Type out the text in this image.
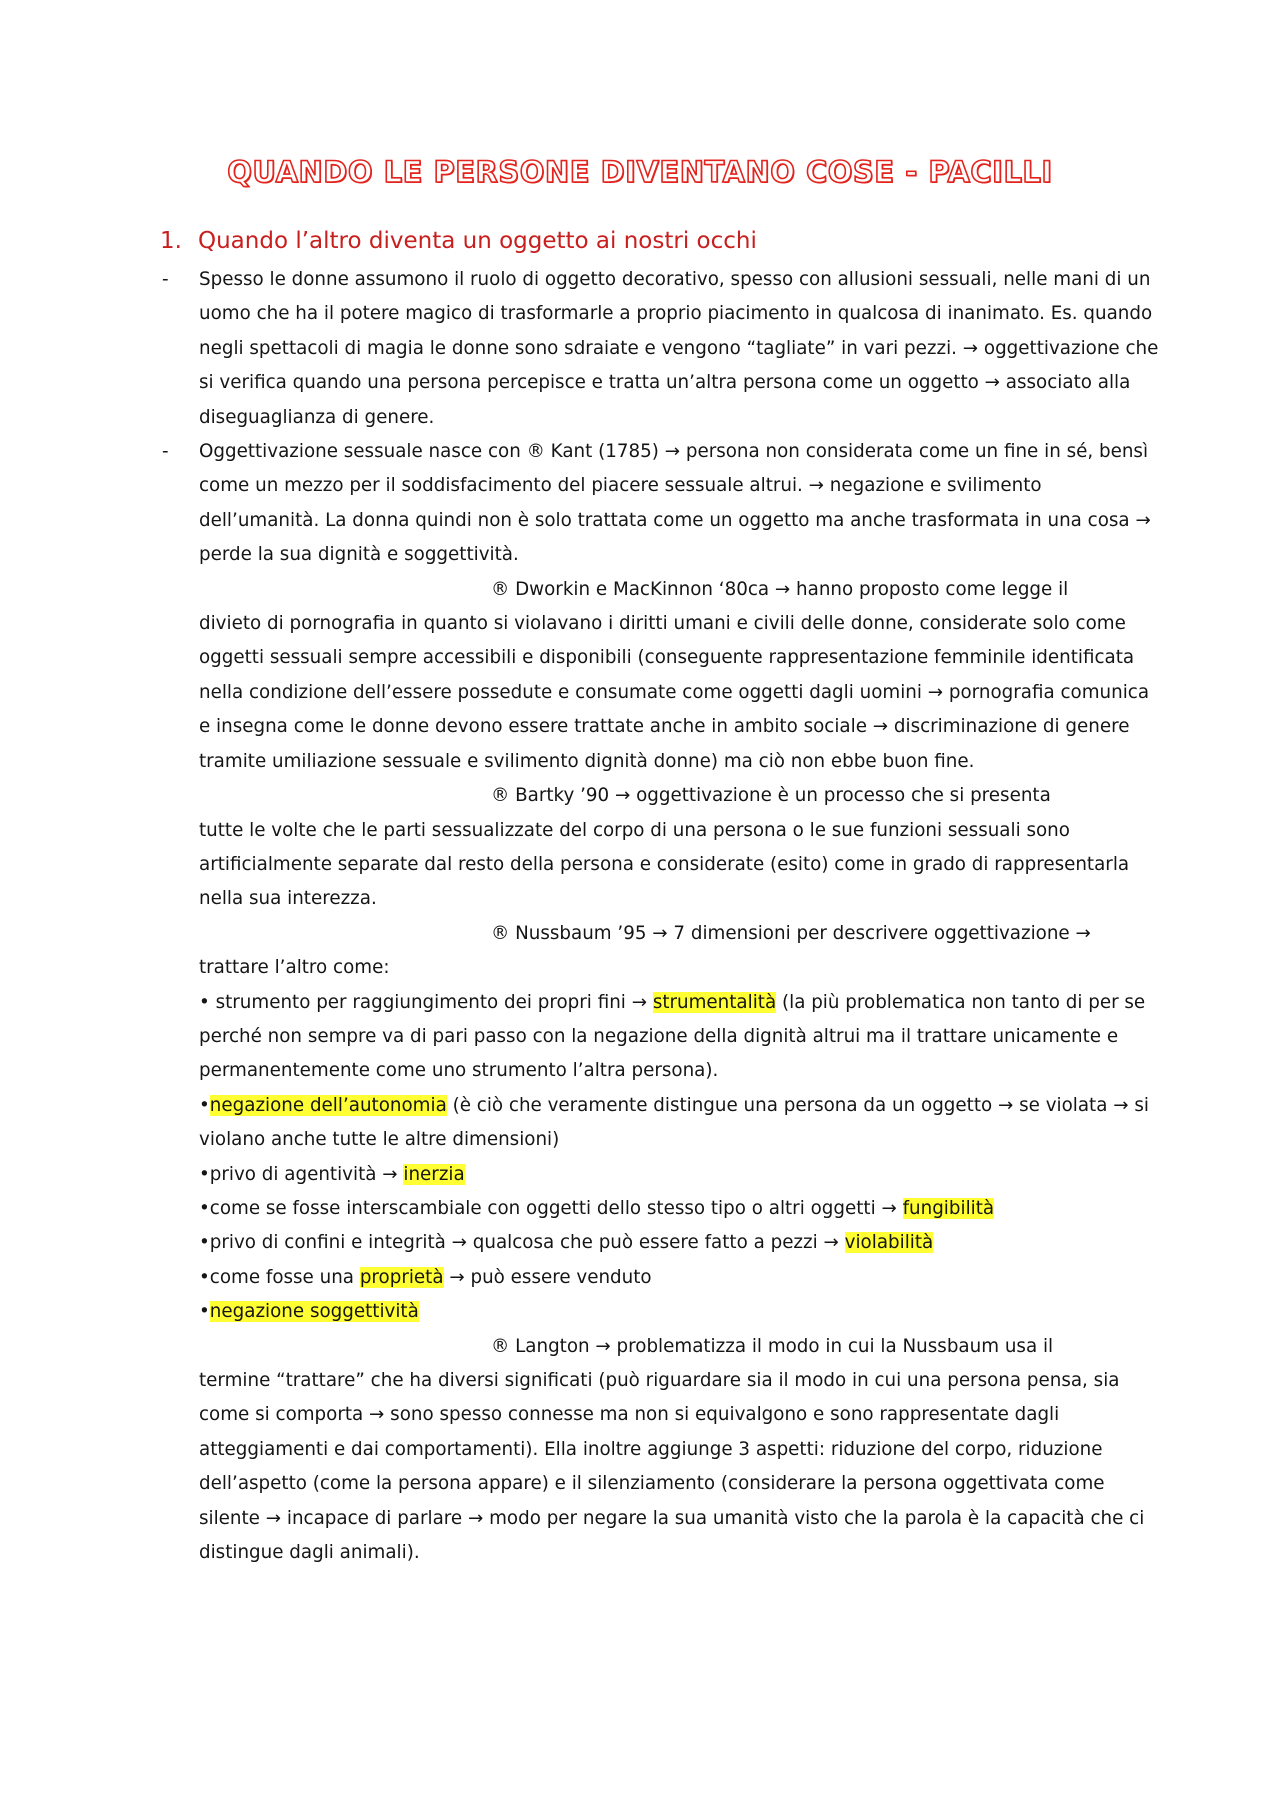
QUANDO LE PERSONE DIVENTANO COSE - PACILLI
1. Quando l’altro diventa un oggetto ai nostri occhi

- Spesso le donne assumono il ruolo di oggetto decorativo, spesso con allusioni sessuali, nelle mani di un uomo che ha il potere magico di trasformarle a proprio piacimento in qualcosa di inanimato. Es. quando negli spettacoli di magia le donne sono sdraiate e vengono “tagliate” in vari pezzi. → oggettivazione che si verifica quando una persona percepisce e tratta un’altra persona come un oggetto → associato alla diseguaglianza di genere.

- Oggettivazione sessuale nasce con ® Kant (1785) → persona non considerata come un fine in sé, bensì come un mezzo per il soddisfacimento del piacere sessuale altrui. → negazione e svilimento dell’umanità. La donna quindi non è solo trattata come un oggetto ma anche trasformata in una cosa → perde la sua dignità e soggettività.

® Dworkin e MacKinnon ‘80ca → hanno proposto come legge il

divieto di pornografia in quanto si violavano i diritti umani e civili delle donne, considerate solo come oggetti sessuali sempre accessibili e disponibili (conseguente rappresentazione femminile identificata nella condizione dell’essere possedute e consumate come oggetti dagli uomini → pornografia comunica e insegna come le donne devono essere trattate anche in ambito sociale → discriminazione di genere tramite umiliazione sessuale e svilimento dignità donne) ma ciò non ebbe buon fine.

® Bartky ’90 → oggettivazione è un processo che si presenta

tutte le volte che le parti sessualizzate del corpo di una persona o le sue funzioni sessuali sono artificialmente separate dal resto della persona e considerate (esito) come in grado di rappresentarla nella sua interezza.

® Nussbaum ’95 → 7 dimensioni per descrivere oggettivazione →

trattare l’altro come:

• strumento per raggiungimento dei propri fini → strumentalità (la più problematica non tanto di per se perché non sempre va di pari passo con la negazione della dignità altrui ma il trattare unicamente e permanentemente come uno strumento l’altra persona).

•negazione dell’autonomia (è ciò che veramente distingue una persona da un oggetto → se violata → si violano anche tutte le altre dimensioni)

•privo di agentività → inerzia

•come se fosse interscambiale con oggetti dello stesso tipo o altri oggetti → fungibilità

•privo di confini e integrità → qualcosa che può essere fatto a pezzi → violabilità

•come fosse una proprietà → può essere venduto

•negazione soggettività

® Langton → problematizza il modo in cui la Nussbaum usa il

termine “trattare” che ha diversi significati (può riguardare sia il modo in cui una persona pensa, sia come si comporta → sono spesso connesse ma non si equivalgono e sono rappresentate dagli atteggiamenti e dai comportamenti). Ella inoltre aggiunge 3 aspetti: riduzione del corpo, riduzione dell’aspetto (come la persona appare) e il silenziamento (considerare la persona oggettivata come silente → incapace di parlare → modo per negare la sua umanità visto che la parola è la capacità che ci distingue dagli animali).
